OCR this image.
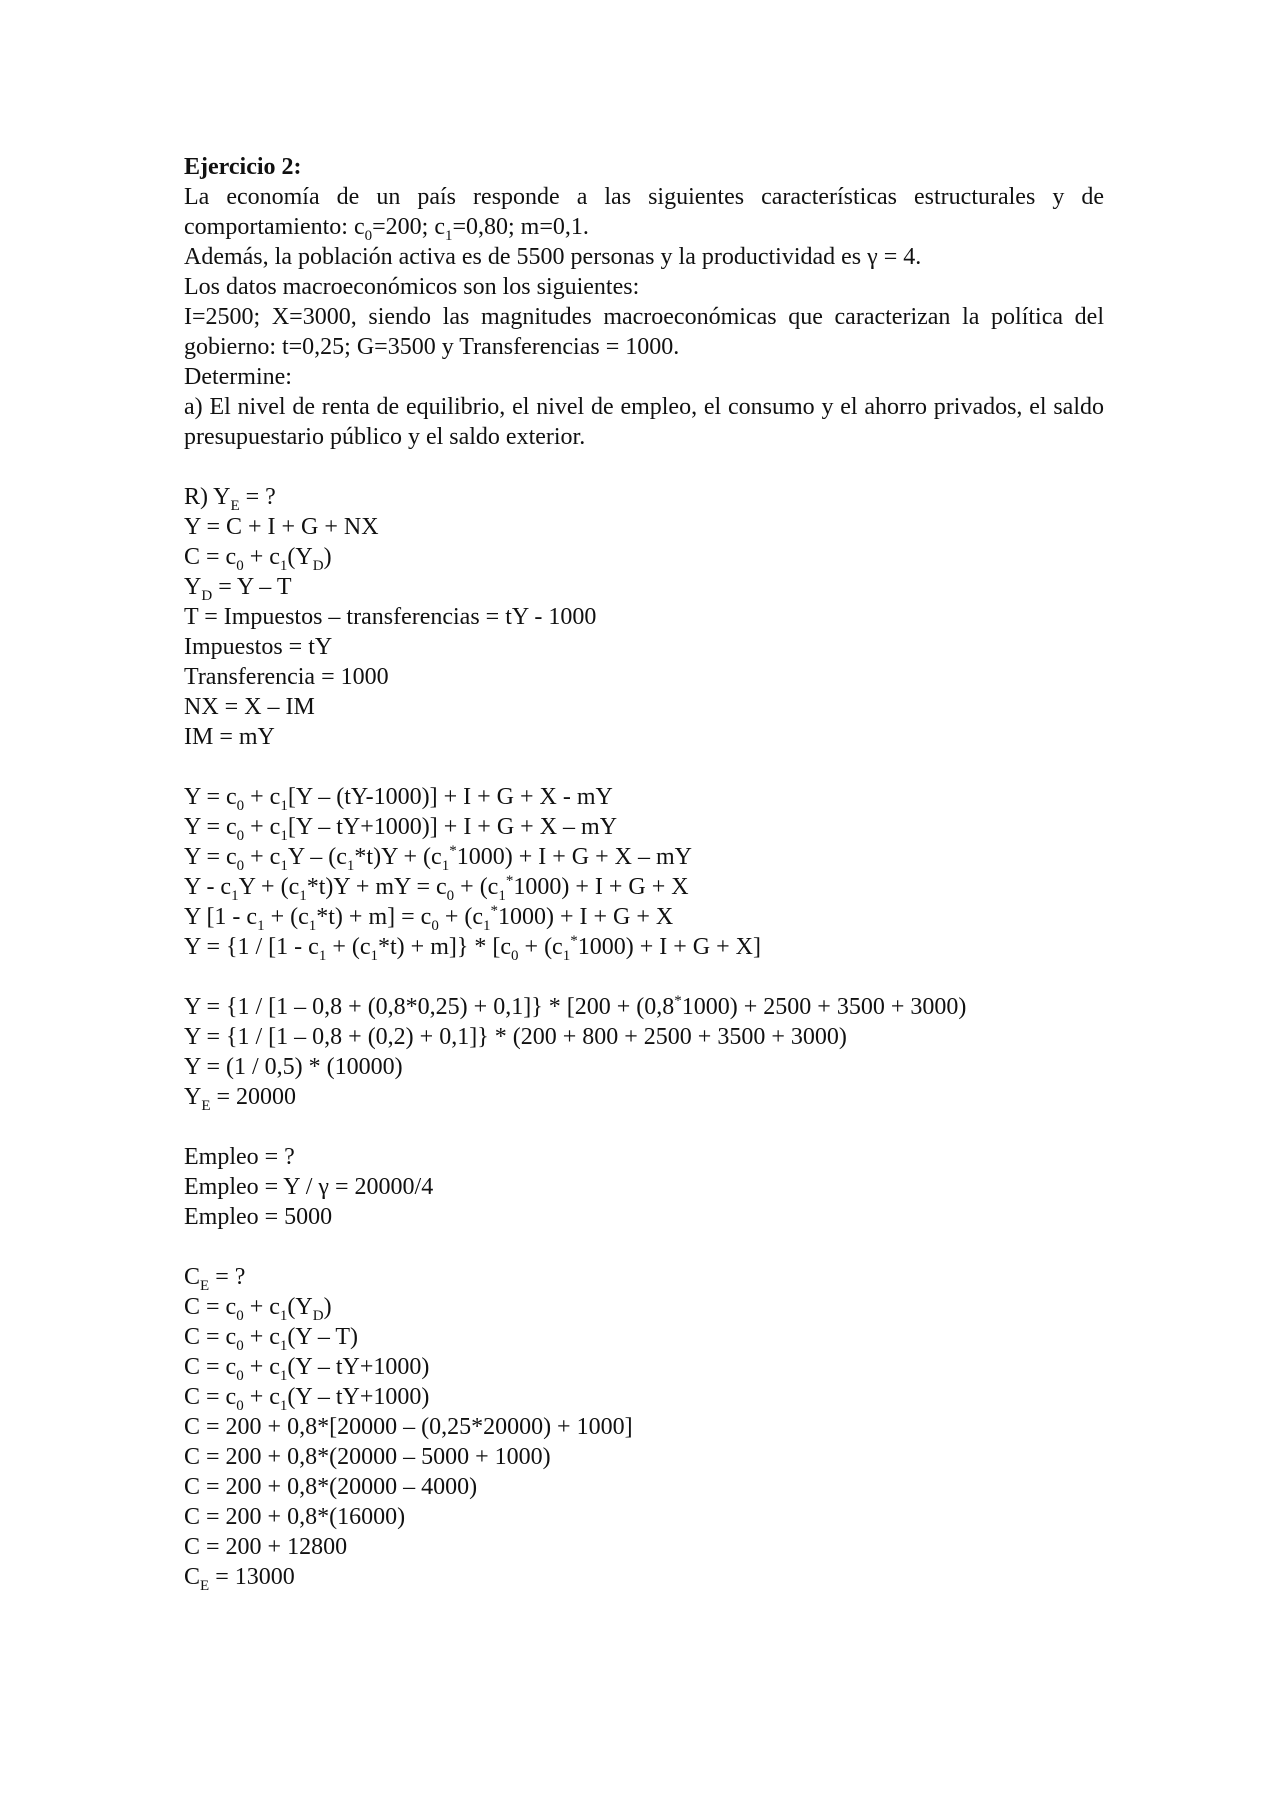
Ejercicio 2:

La economía de un país responde a las siguientes características estructurales y de comportamiento: $c_0=200$; $c_1=0,80$; m=0,1.

Además, la población activa es de 5500 personas y la productividad es γ = 4.

Los datos macroeconómicos son los siguientes:

I=2500; X=3000, siendo las magnitudes macroeconómicas que caracterizan la política del gobierno: t=0,25; G=3500 y Transferencias = 1000.

Determine:

a) El nivel de renta de equilibrio, el nivel de empleo, el consumo y el ahorro privados, el saldo presupuestario público y el saldo exterior.

R) $Y_E$ = ?

Y = C + I + G + NX

$C = c_0 + c_1(Y_D)$

$Y_D = Y - T$

T = Impuestos – transferencias = tY - 1000

Impuestos = tY

Transferencia = 1000

NX = X – IM

IM = mY

$Y = c_0 + c_1[Y - (tY-1000)] + I + G + X$ - mY

$Y = c_0 + c_1[Y - tY+1000)] + I + G + X$ – mY

$Y = c_0 + c_1Y - (c_1*t)Y + (c_1^*1000) + I + G + X$ – mY

$Y - c_1Y + (c_1*t)Y$ + mY = $c_0 + (c_1^*1000) + I + G + X$

Y $[1 - c_1 + (c_1*t) + m] = c_0 + (c_1^*1000) + I + G + X$

$Y = \{1 / [1 - c_1 + (c_1*t) + m]\} * [c_0 + (c_1^*1000) + I + G + X]$

Y = {1 / [1 – 0,8 + (0,8*0,25) + 0,1]} * [200 + (0,8*1000) + 2500 + 3500 + 3000)

Y = {1 / [1 – 0,8 + (0,2) + 0,1]} * (200 + 800 + 2500 + 3500 + 3000)

Y = (1 / 0,5) * (10000)

$Y_E = 20000$

Empleo = ?

Empleo = Y / γ = 20000/4

Empleo = 5000

$C_E$ = ?

$C = c_0 + c_1(Y_D)$

$C = c_0 + c_1(Y - T)$

$C = c_0 + c_1(Y - tY+1000)$

$C = c_0 + c_1(Y - tY+1000)$

C = 200 + 0,8*[20000 – (0,25*20000) + 1000]

C = 200 + 0,8*(20000 – 5000 + 1000)

C = 200 + 0,8*(20000 – 4000)

C = 200 + 0,8*(16000)

C = 200 + 12800

$C_E = 13000$
